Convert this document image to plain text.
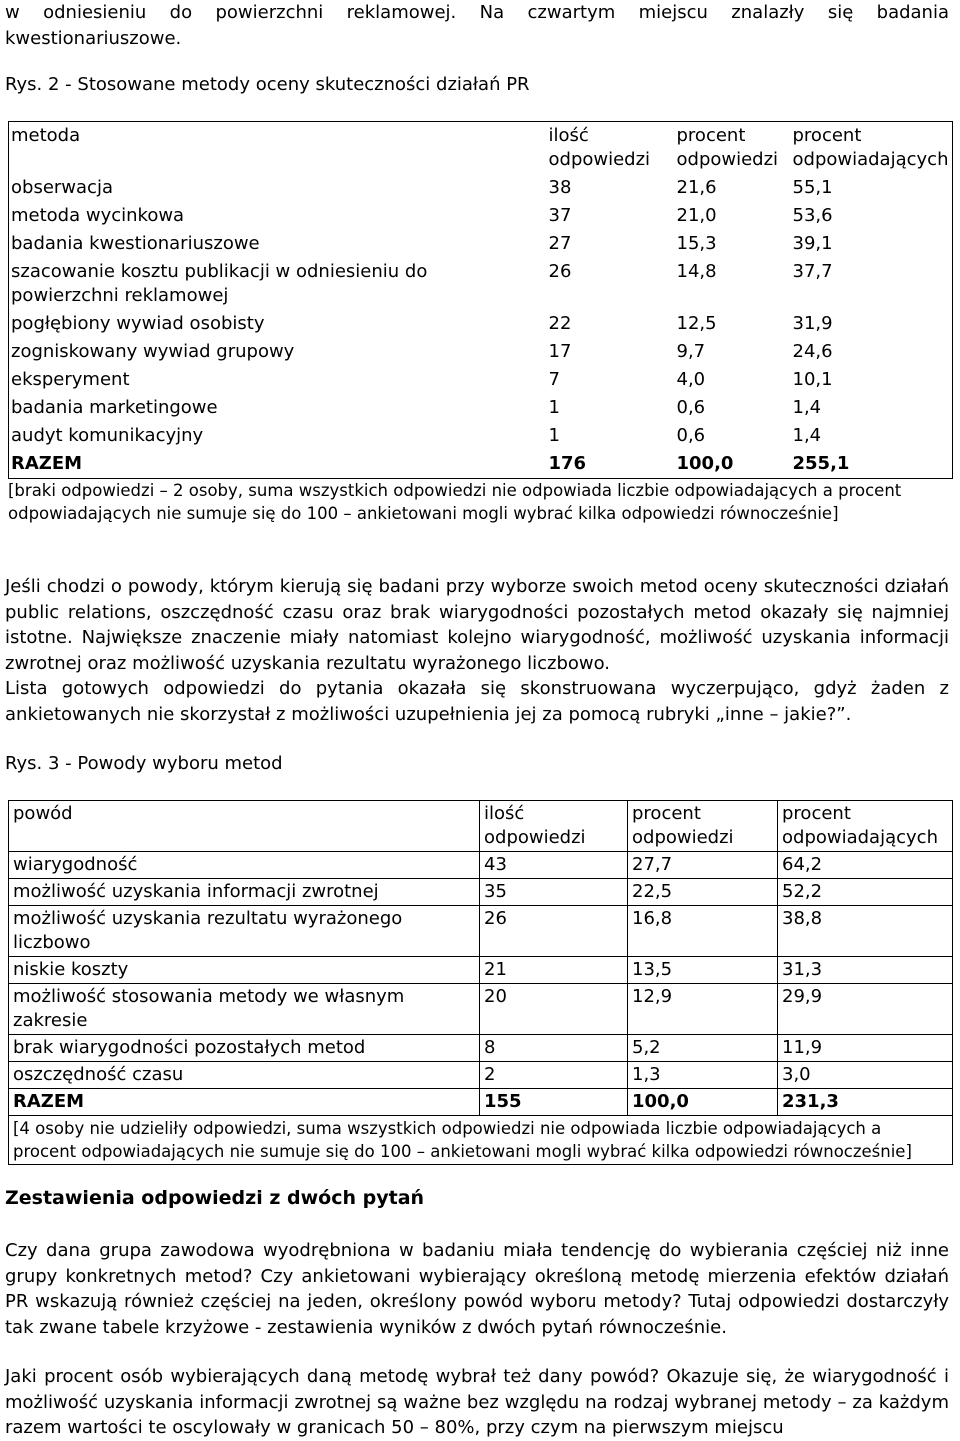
w odniesieniu do powierzchni reklamowej. Na czwartym miejscu znalazły się badania kwestionariuszowe.

Rys. 2 - Stosowane metody oceny skuteczności działań PR
metoda	ilość odpowiedzi	procent odpowiedzi	procent odpowiadających
obserwacja	38	21,6	55,1
metoda wycinkowa	37	21,0	53,6
badania kwestionariuszowe	27	15,3	39,1
szacowanie kosztu publikacji w odniesieniu do powierzchni reklamowej	26	14,8	37,7
pogłębiony wywiad osobisty	22	12,5	31,9
zogniskowany wywiad grupowy	17	9,7	24,6
eksperyment	7	4,0	10,1
badania marketingowe	1	0,6	1,4
audyt komunikacyjny	1	0,6	1,4
RAZEM	176	100,0	255,1
[braki odpowiedzi – 2 osoby, suma wszystkich odpowiedzi nie odpowiada liczbie odpowiadających a procent odpowiadających nie sumuje się do 100 – ankietowani mogli wybrać kilka odpowiedzi równocześnie]

Jeśli chodzi o powody, którym kierują się badani przy wyborze swoich metod oceny skuteczności działań public relations, oszczędność czasu oraz brak wiarygodności pozostałych metod okazały się najmniej istotne. Największe znaczenie miały natomiast kolejno wiarygodność, możliwość uzyskania informacji zwrotnej oraz możliwość uzyskania rezultatu wyrażonego liczbowo.

Lista gotowych odpowiedzi do pytania okazała się skonstruowana wyczerpująco, gdyż żaden z ankietowanych nie skorzystał z możliwości uzupełnienia jej za pomocą rubryki „inne – jakie?”.

Rys. 3 - Powody wyboru metod
powód	ilość odpowiedzi	procent odpowiedzi	procent odpowiadających
wiarygodność	43	27,7	64,2
możliwość uzyskania informacji zwrotnej	35	22,5	52,2
możliwość uzyskania rezultatu wyrażonego liczbowo	26	16,8	38,8
niskie koszty	21	13,5	31,3
możliwość stosowania metody we własnym zakresie	20	12,9	29,9
brak wiarygodności pozostałych metod	8	5,2	11,9
oszczędność czasu	2	1,3	3,0
RAZEM	155	100,0	231,3
[4 osoby nie udzieliły odpowiedzi, suma wszystkich odpowiedzi nie odpowiada liczbie odpowiadających a procent odpowiadających nie sumuje się do 100 – ankietowani mogli wybrać kilka odpowiedzi równocześnie]			
Zestawienia odpowiedzi z dwóch pytań

Czy dana grupa zawodowa wyodrębniona w badaniu miała tendencję do wybierania częściej niż inne grupy konkretnych metod? Czy ankietowani wybierający określoną metodę mierzenia efektów działań PR wskazują również częściej na jeden, określony powód wyboru metody? Tutaj odpowiedzi dostarczyły tak zwane tabele krzyżowe - zestawienia wyników z dwóch pytań równocześnie.

Jaki procent osób wybierających daną metodę wybrał też dany powód? Okazuje się, że wiarygodność i możliwość uzyskania informacji zwrotnej są ważne bez względu na rodzaj wybranej metody – za każdym razem wartości te oscylowały w granicach 50 – 80%, przy czym na pierwszym miejscu
